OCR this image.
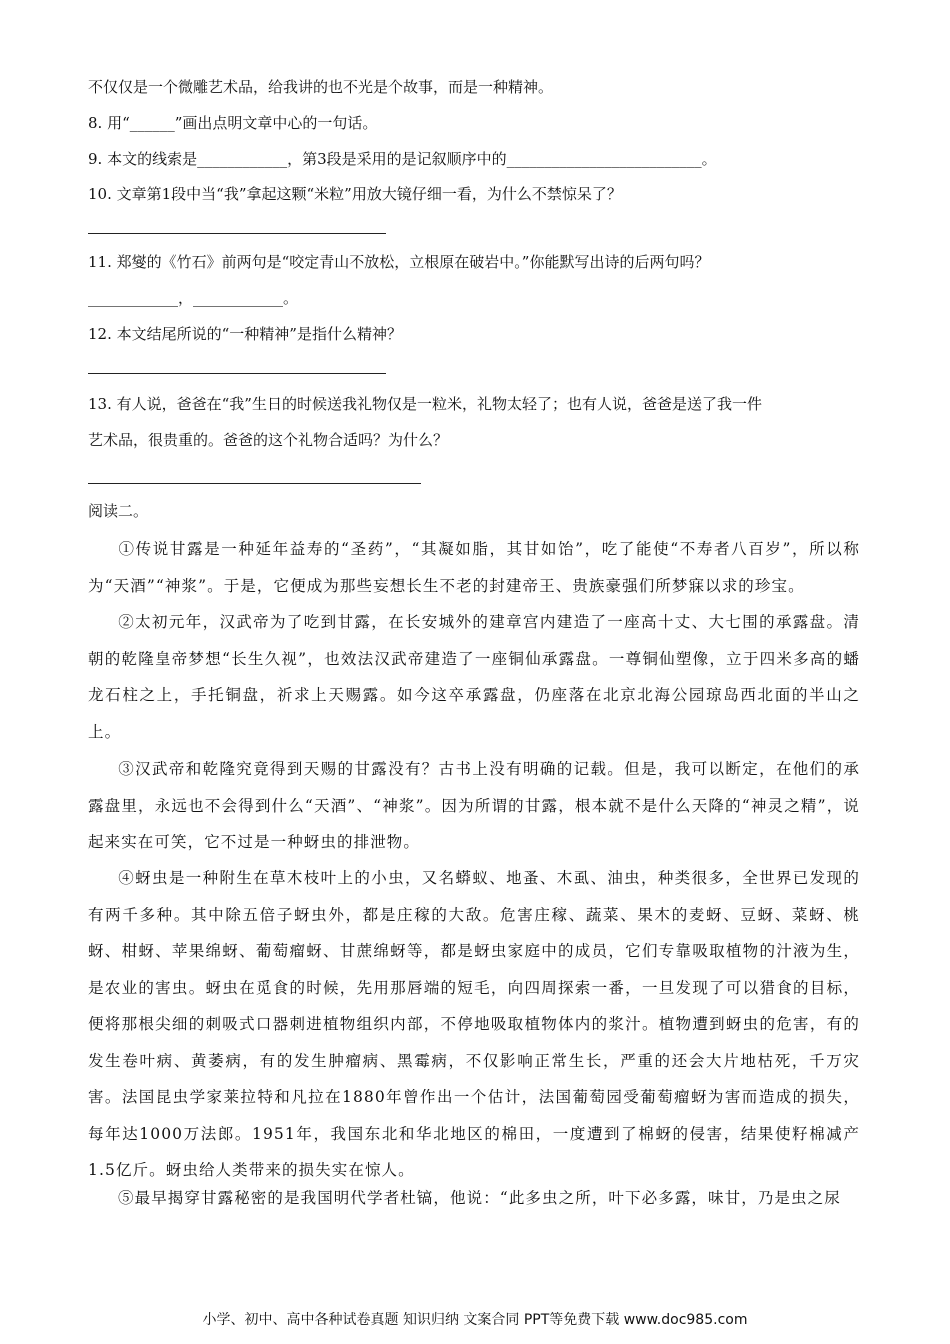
不仅仅是一个微雕艺术品，给我讲的也不光是个故事，而是一种精神。
8. 用“______”画出点明文章中心的一句话。
9. 本文的线索是____________，第3段是采用的是记叙顺序中的__________________________。
10. 文章第1段中当“我”拿起这颗“米粒”用放大镜仔细一看，为什么不禁惊呆了？
11. 郑燮的《竹石》前两句是“咬定青山不放松，立根原在破岩中。”你能默写出诗的后两句吗？
____________，____________。
12. 本文结尾所说的“一种精神”是指什么精神？
13. 有人说，爸爸在“我”生日的时候送我礼物仅是一粒米，礼物太轻了；也有人说，爸爸是送了我一件
艺术品，很贵重的。爸爸的这个礼物合适吗？为什么？
阅读二。
①传说甘露是一种延年益寿的“圣药”，“其凝如脂，其甘如饴”，吃了能使“不寿者八百岁”，所以称为“天酒”“神浆”。于是，它便成为那些妄想长生不老的封建帝王、贵族豪强们所梦寐以求的珍宝。
②太初元年，汉武帝为了吃到甘露，在长安城外的建章宫内建造了一座高十丈、大七围的承露盘。清朝的乾隆皇帝梦想“长生久视”，也效法汉武帝建造了一座铜仙承露盘。一尊铜仙塑像，立于四米多高的蟠龙石柱之上，手托铜盘，祈求上天赐露。如今这卒承露盘，仍座落在北京北海公园琼岛西北面的半山之上。
③汉武帝和乾隆究竟得到天赐的甘露没有？古书上没有明确的记载。但是，我可以断定，在他们的承露盘里，永远也不会得到什么“天酒”、“神浆”。因为所谓的甘露，根本就不是什么天降的“神灵之精”，说起来实在可笑，它不过是一种蚜虫的排泄物。
④蚜虫是一种附生在草木枝叶上的小虫，又名蟒蚁、地蚤、木虱、油虫，种类很多，全世界已发现的有两千多种。其中除五倍子蚜虫外，都是庄稼的大敌。危害庄稼、蔬菜、果木的麦蚜、豆蚜、菜蚜、桃蚜、柑蚜、苹果绵蚜、葡萄瘤蚜、甘蔗绵蚜等，都是蚜虫家庭中的成员，它们专靠吸取植物的汁液为生，是农业的害虫。蚜虫在觅食的时候，先用那唇端的短毛，向四周探索一番，一旦发现了可以猎食的目标，便将那根尖细的刺吸式口器刺进植物组织内部，不停地吸取植物体内的浆汁。植物遭到蚜虫的危害，有的发生卷叶病、黄萎病，有的发生肿瘤病、黑霉病，不仅影响正常生长，严重的还会大片地枯死，千万灾害。法国昆虫学家莱拉特和凡拉在1880年曾作出一个估计，法国葡萄园受葡萄瘤蚜为害而造成的损失，每年达1000万法郎。1951年，我国东北和华北地区的棉田，一度遭到了棉蚜的侵害，结果使籽棉减产1.5亿斤。蚜虫给人类带来的损失实在惊人。
⑤最早揭穿甘露秘密的是我国明代学者杜镐，他说：“此多虫之所，叶下必多露，味甘，乃是虫之尿
小学、初中、高中各种试卷真题 知识归纳 文案合同 PPT等免费下载 www.doc985.com
